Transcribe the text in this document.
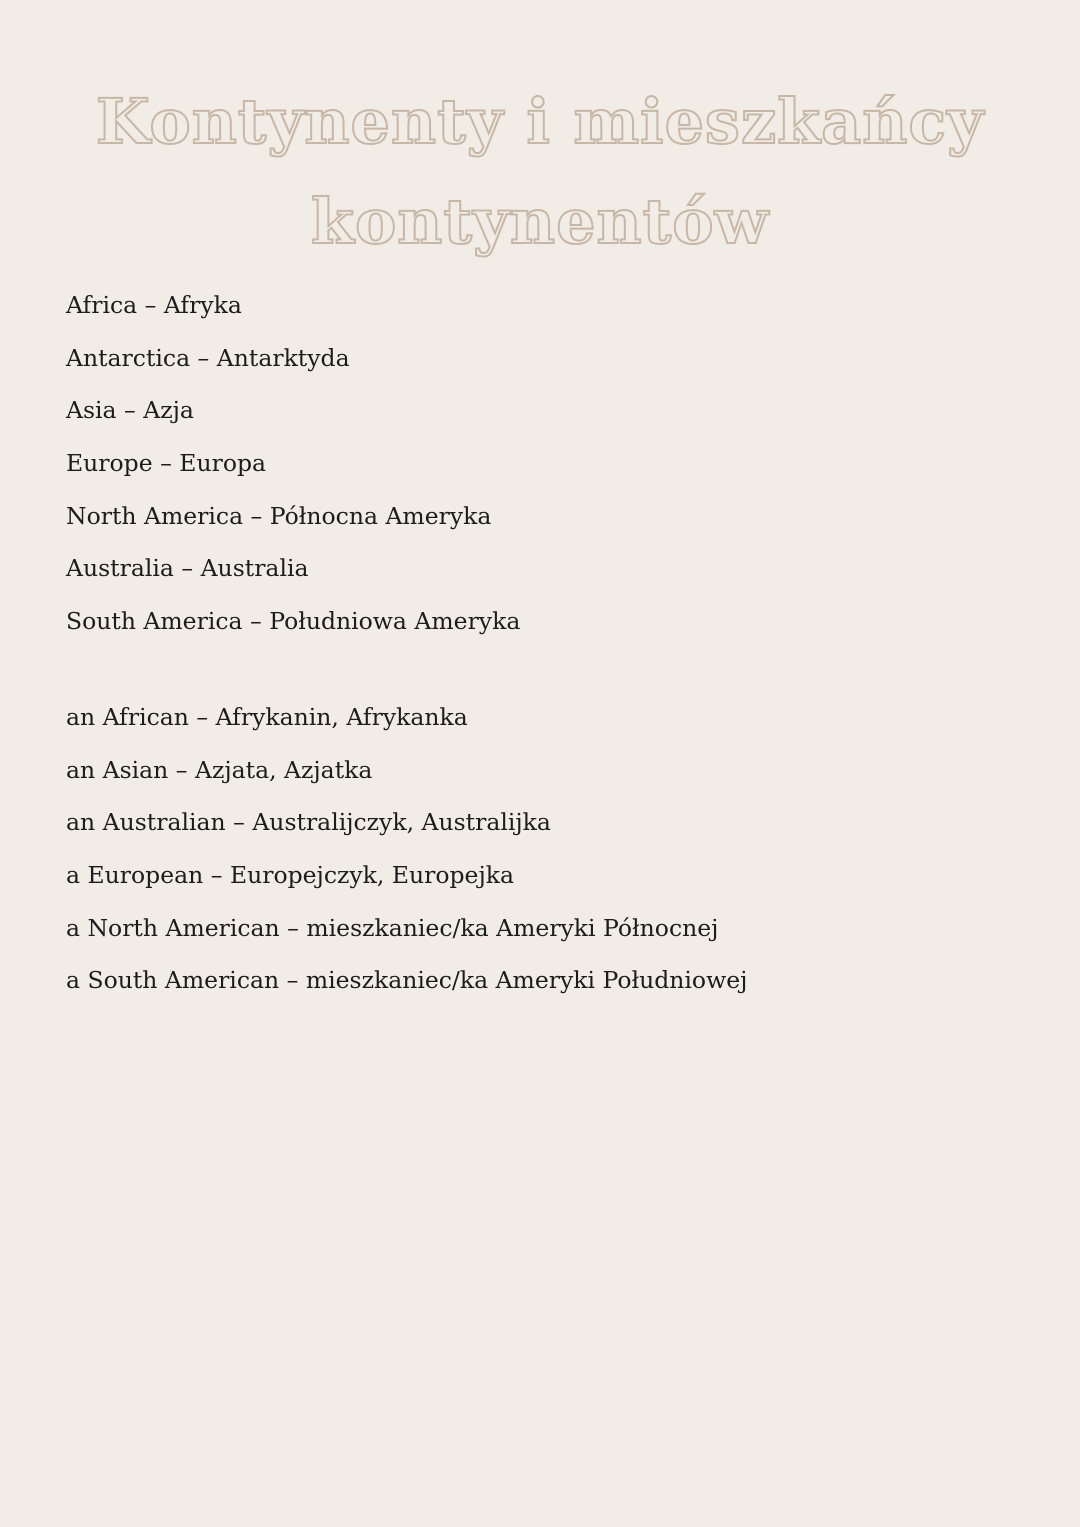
Kontynenty i mieszkańcy kontynentów
Africa – Afryka
Antarctica – Antarktyda
Asia – Azja
Europe – Europa
North America – Północna Ameryka
Australia – Australia
South America – Południowa Ameryka
an African – Afrykanin, Afrykanka
an Asian – Azjata, Azjatka
an Australian – Australijczyk, Australijka
a European – Europejczyk, Europejka
a North American – mieszkaniec/ka Ameryki Północnej
a South American – mieszkaniec/ka Ameryki Południowej
